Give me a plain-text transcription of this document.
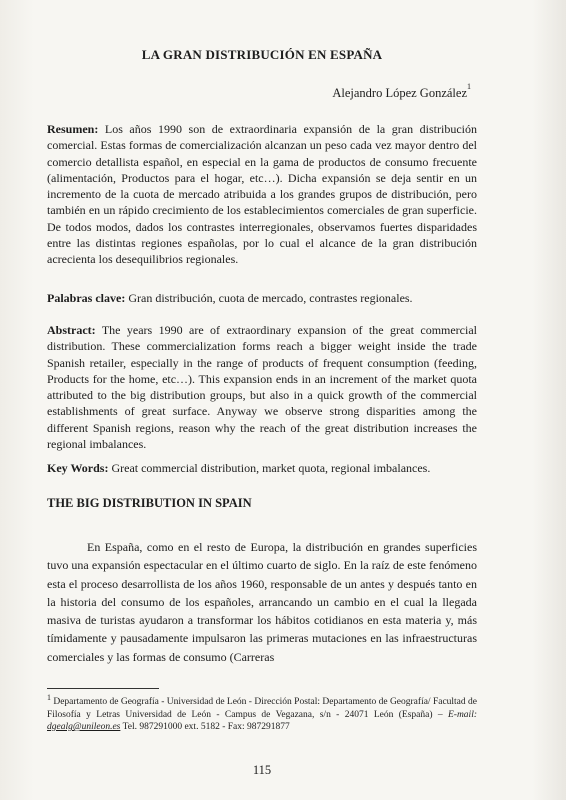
LA GRAN DISTRIBUCIÓN EN ESPAÑA
Alejandro López González$^1$

Resumen: Los años 1990 son de extraordinaria expansión de la gran distribución comercial. Estas formas de comercialización alcanzan un peso cada vez mayor dentro del comercio detallista español, en especial en la gama de productos de consumo frecuente (alimentación, Productos para el hogar, etc…). Dicha expansión se deja sentir en un incremento de la cuota de mercado atribuida a los grandes grupos de distribución, pero también en un rápido crecimiento de los establecimientos comerciales de gran superficie. De todos modos, dados los contrastes interregionales, observamos fuertes disparidades entre las distintas regiones españolas, por lo cual el alcance de la gran distribución acrecienta los desequilibrios regionales.

Palabras clave: Gran distribución, cuota de mercado, contrastes regionales.

Abstract: The years 1990 are of extraordinary expansion of the great commercial distribution. These commercialization forms reach a bigger weight inside the trade Spanish retailer, especially in the range of products of frequent consumption (feeding, Products for the home, etc…). This expansion ends in an increment of the market quota attributed to the big distribution groups, but also in a quick growth of the commercial establishments of great surface. Anyway we observe strong disparities among the different Spanish regions, reason why the reach of the great distribution increases the regional imbalances.

Key Words: Great commercial distribution, market quota, regional imbalances.

THE BIG DISTRIBUTION IN SPAIN

En España, como en el resto de Europa, la distribución en grandes superficies tuvo una expansión espectacular en el último cuarto de siglo. En la raíz de este fenómeno esta el proceso desarrollista de los años 1960, responsable de un antes y después tanto en la historia del consumo de los españoles, arrancando un cambio en el cual la llegada masiva de turistas ayudaron a transformar los hábitos cotidianos en esta materia y, más tímidamente y pausadamente impulsaron las primeras mutaciones en las infraestructuras comerciales y las formas de consumo (Carreras

$^1$ Departamento de Geografía - Universidad de León - Dirección Postal: Departamento de Geografía/ Facultad de Filosofía y Letras Universidad de León - Campus de Vegazana, s/n - 24071 León (España) – E-mail: dgealg@unileon.es Tel. 987291000 ext. 5182 - Fax: 987291877
115
